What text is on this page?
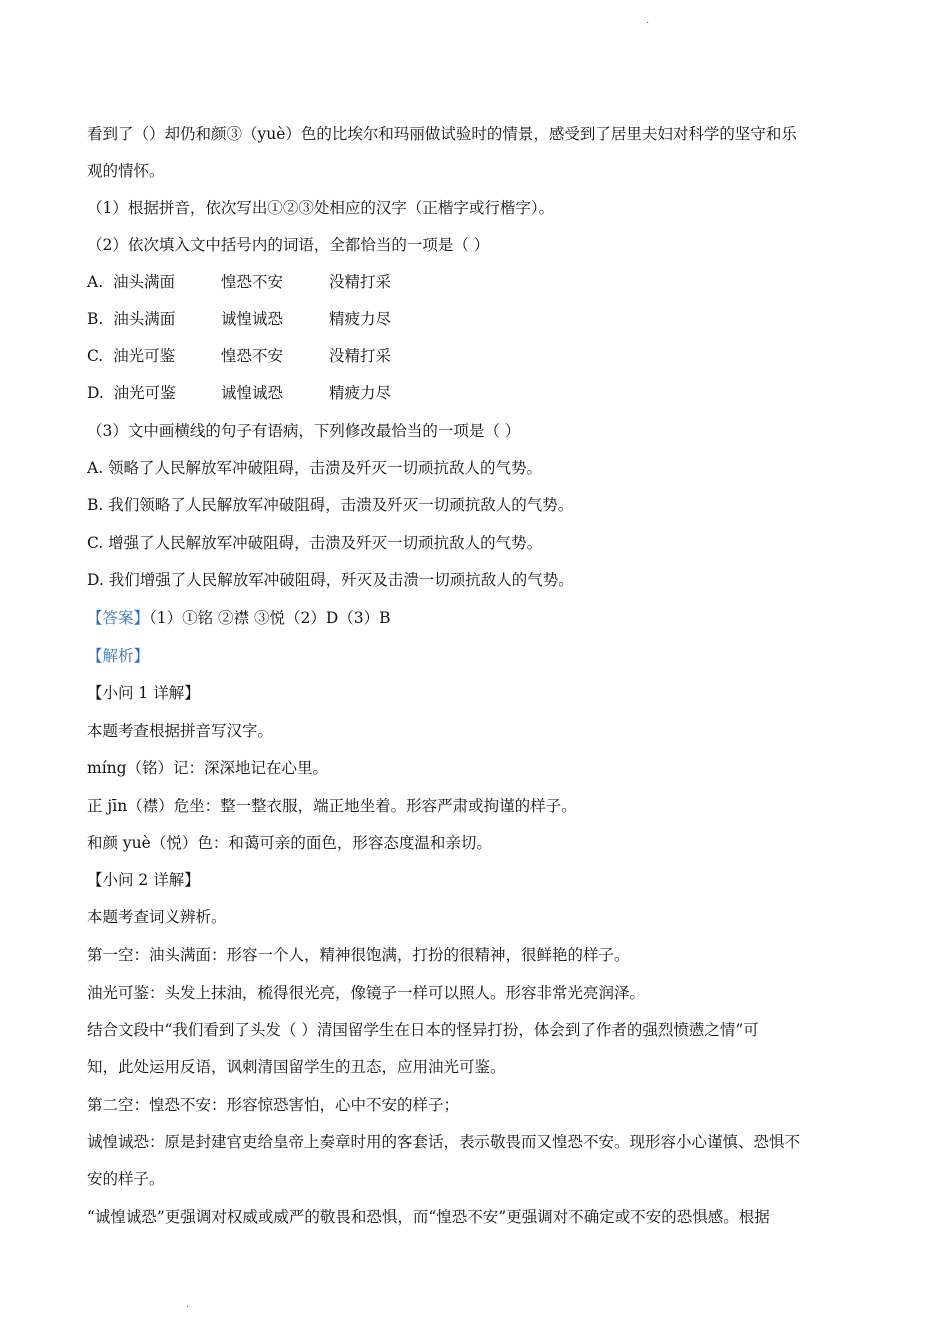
·
看到了（）却仍和颜③（yuè）色的比埃尔和玛丽做试验时的情景，感受到了居里夫妇对科学的坚守和乐
观的情怀。
（1）根据拼音，依次写出①②③处相应的汉字（正楷字或行楷字）。
（2）依次填入文中括号内的词语，全都恰当的一项是（ ）
A. 油头满面	惶恐不安	没精打采
B. 油头满面	诚惶诚恐	精疲力尽
C. 油光可鉴	惶恐不安	没精打采
D. 油光可鉴	诚惶诚恐	精疲力尽
（3）文中画横线的句子有语病，下列修改最恰当的一项是（ ）
A. 领略了人民解放军冲破阻碍，击溃及歼灭一切顽抗敌人的气势。
B. 我们领略了人民解放军冲破阻碍，击溃及歼灭一切顽抗敌人的气势。
C. 增强了人民解放军冲破阻碍，击溃及歼灭一切顽抗敌人的气势。
D. 我们增强了人民解放军冲破阻碍，歼灭及击溃一切顽抗敌人的气势。
【答案】（1）①铭 ②襟 ③悦（2）D（3）B
【解析】
【小问 1 详解】
本题考查根据拼音写汉字。
míng（铭）记：深深地记在心里。
正 jīn（襟）危坐：整一整衣服，端正地坐着。形容严肃或拘谨的样子。
和颜 yuè（悦）色：和蔼可亲的面色，形容态度温和亲切。
【小问 2 详解】
本题考查词义辨析。
第一空：油头满面：形容一个人，精神很饱满，打扮的很精神，很鲜艳的样子。
油光可鉴：头发上抹油，梳得很光亮，像镜子一样可以照人。形容非常光亮润泽。
结合文段中“我们看到了头发（ ）清国留学生在日本的怪异打扮，体会到了作者的强烈愤懑之情”可
知，此处运用反语，讽刺清国留学生的丑态，应用油光可鉴。
第二空：惶恐不安：形容惊恐害怕，心中不安的样子；
诚惶诚恐：原是封建官吏给皇帝上奏章时用的客套话，表示敬畏而又惶恐不安。现形容小心谨慎、恐惧不
安的样子。
“诚惶诚恐”更强调对权威或威严的敬畏和恐惧，而“惶恐不安”更强调对不确定或不安的恐惧感。根据
·
